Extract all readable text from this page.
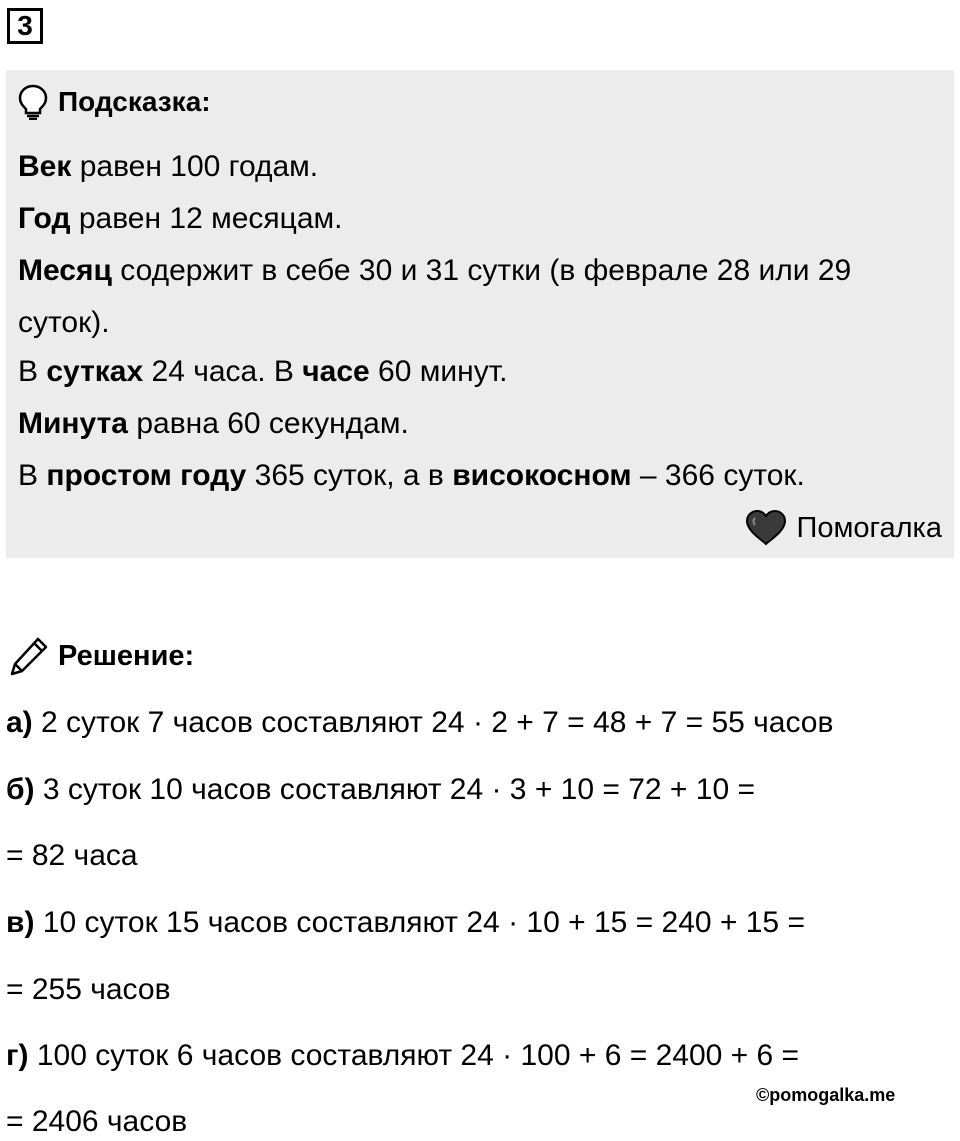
3
Подсказка:
Век равен 100 годам.
Год равен 12 месяцам.
Месяц содержит в себе 30 и 31 сутки (в феврале 28 или 29
суток).
В сутках 24 часа. В часе 60 минут.
Минута равна 60 секундам.
В простом году 365 суток, а в високосном – 366 суток.
Помогалка
Решение:
а) 2 суток 7 часов составляют 24 · 2 + 7 = 48 + 7 = 55 часов
б) 3 суток 10 часов составляют 24 · 3 + 10 = 72 + 10 =
= 82 часа
в) 10 суток 15 часов составляют 24 · 10 + 15 = 240 + 15 =
= 255 часов
г) 100 суток 6 часов составляют 24 · 100 + 6 = 2400 + 6 =
= 2406 часов
©pomogalka.me
